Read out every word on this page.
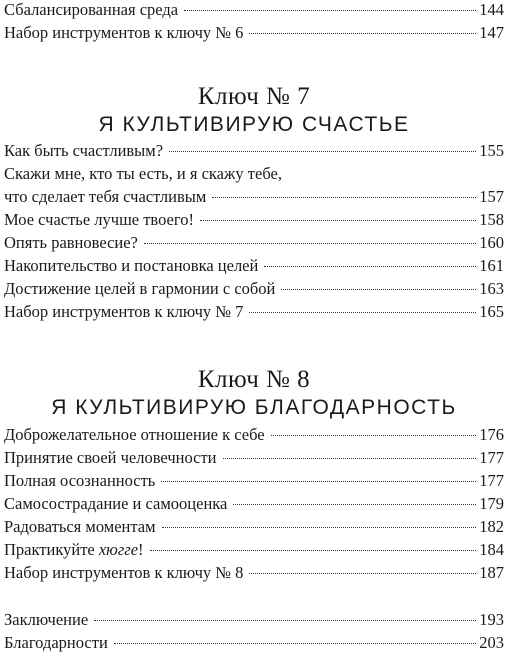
Сбалансированная среда	144
Набор инструментов к ключу № 6	147
Ключ № 7
Я КУЛЬТИВИРУЮ СЧАСТЬЕ
Как быть счастливым?	155
Скажи мне, кто ты есть, и я скажу тебе,
что сделает тебя счастливым	157
Мое счастье лучше твоего!	158
Опять равновесие?	160
Накопительство и постановка целей	161
Достижение целей в гармонии с собой	163
Набор инструментов к ключу № 7	165
Ключ № 8
Я КУЛЬТИВИРУЮ БЛАГОДАРНОСТЬ
Доброжелательное отношение к себе	176
Принятие своей человечности	177
Полная осознанность	177
Самосострадание и самооценка	179
Радоваться моментам	182
Практикуйте хюгге!	184
Набор инструментов к ключу № 8	187
Заключение	193
Благодарности	203
